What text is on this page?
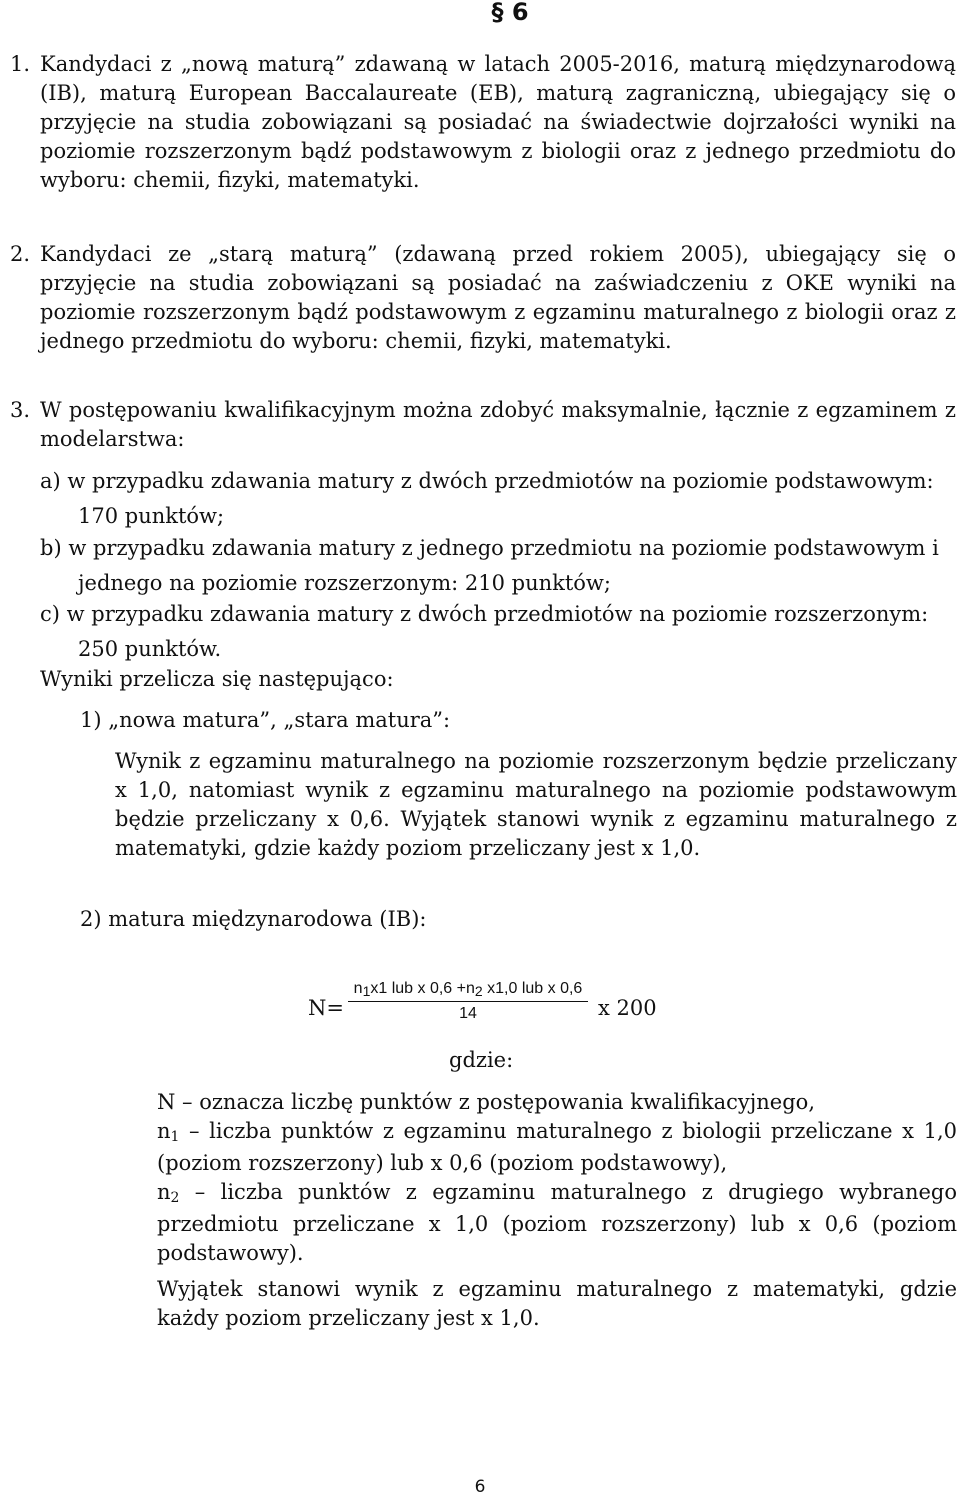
§ 6
1. Kandydaci z „nową maturą” zdawaną w latach 2005-2016, maturą międzynarodową (IB), maturą European Baccalaureate (EB), maturą zagraniczną, ubiegający się o przyjęcie na studia zobowiązani są posiadać na świadectwie dojrzałości wyniki na poziomie rozszerzonym bądź podstawowym z biologii oraz z jednego przedmiotu do wyboru: chemii, fizyki, matematyki.
2. Kandydaci ze „starą maturą” (zdawaną przed rokiem 2005), ubiegający się o przyjęcie na studia zobowiązani są posiadać na zaświadczeniu z OKE wyniki na poziomie rozszerzonym bądź podstawowym z egzaminu maturalnego z biologii oraz z jednego przedmiotu do wyboru: chemii, fizyki, matematyki.
3. W postępowaniu kwalifikacyjnym można zdobyć maksymalnie, łącznie z egzaminem z modelarstwa:
a) w przypadku zdawania matury z dwóch przedmiotów na poziomie podstawowym: 170 punktów;
b) w przypadku zdawania matury z jednego przedmiotu na poziomie podstawowym i jednego na poziomie rozszerzonym: 210 punktów;
c) w przypadku zdawania matury z dwóch przedmiotów na poziomie rozszerzonym: 250 punktów.
Wyniki przelicza się następująco:
1) „nowa matura”, „stara matura”:
Wynik z egzaminu maturalnego na poziomie rozszerzonym będzie przeliczany x 1,0, natomiast wynik z egzaminu maturalnego na poziomie podstawowym będzie przeliczany x 0,6. Wyjątek stanowi wynik z egzaminu maturalnego z matematyki, gdzie każdy poziom przeliczany jest x 1,0.
2) matura międzynarodowa (IB):
N=
$n_1x1$ lub x $0,6 +n_2$ x1,0 lub x 0,6
14	x 200
gdzie:
N – oznacza liczbę punktów z postępowania kwalifikacyjnego,
$n_1$ – liczba punktów z egzaminu maturalnego z biologii przeliczane x 1,0 (poziom rozszerzony) lub x 0,6 (poziom podstawowy),
$n_2$ – liczba punktów z egzaminu maturalnego z drugiego wybranego przedmiotu przeliczane x 1,0 (poziom rozszerzony) lub x 0,6 (poziom podstawowy).
Wyjątek stanowi wynik z egzaminu maturalnego z matematyki, gdzie każdy poziom przeliczany jest x 1,0.
6
